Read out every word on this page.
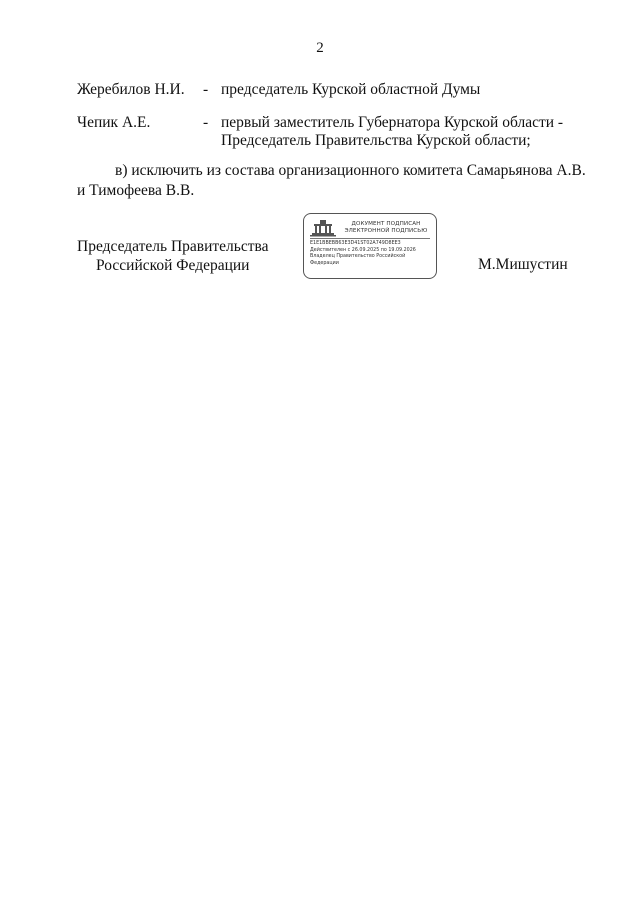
2
Жеребилов Н.И. - председатель Курской областной Думы
Чепик А.Е.	- первый заместитель Губернатора Курской области -
Председатель Правительства Курской области;
в) исключить из состава организационного комитета Самарьянова А.В.
и Тимофеева В.В.
Председатель Правительства
Российской Федерации
ДОКУМЕНТ ПОДПИСАН
ЭЛЕКТРОННОЙ ПОДПИСЬЮ
E1E1BBEBB63E3D41ST02A749D8EE3
Действителен с 26.09.2025 по 19.09.2026
Владелец Правительство Российской
Федерации	М.Мишустин
